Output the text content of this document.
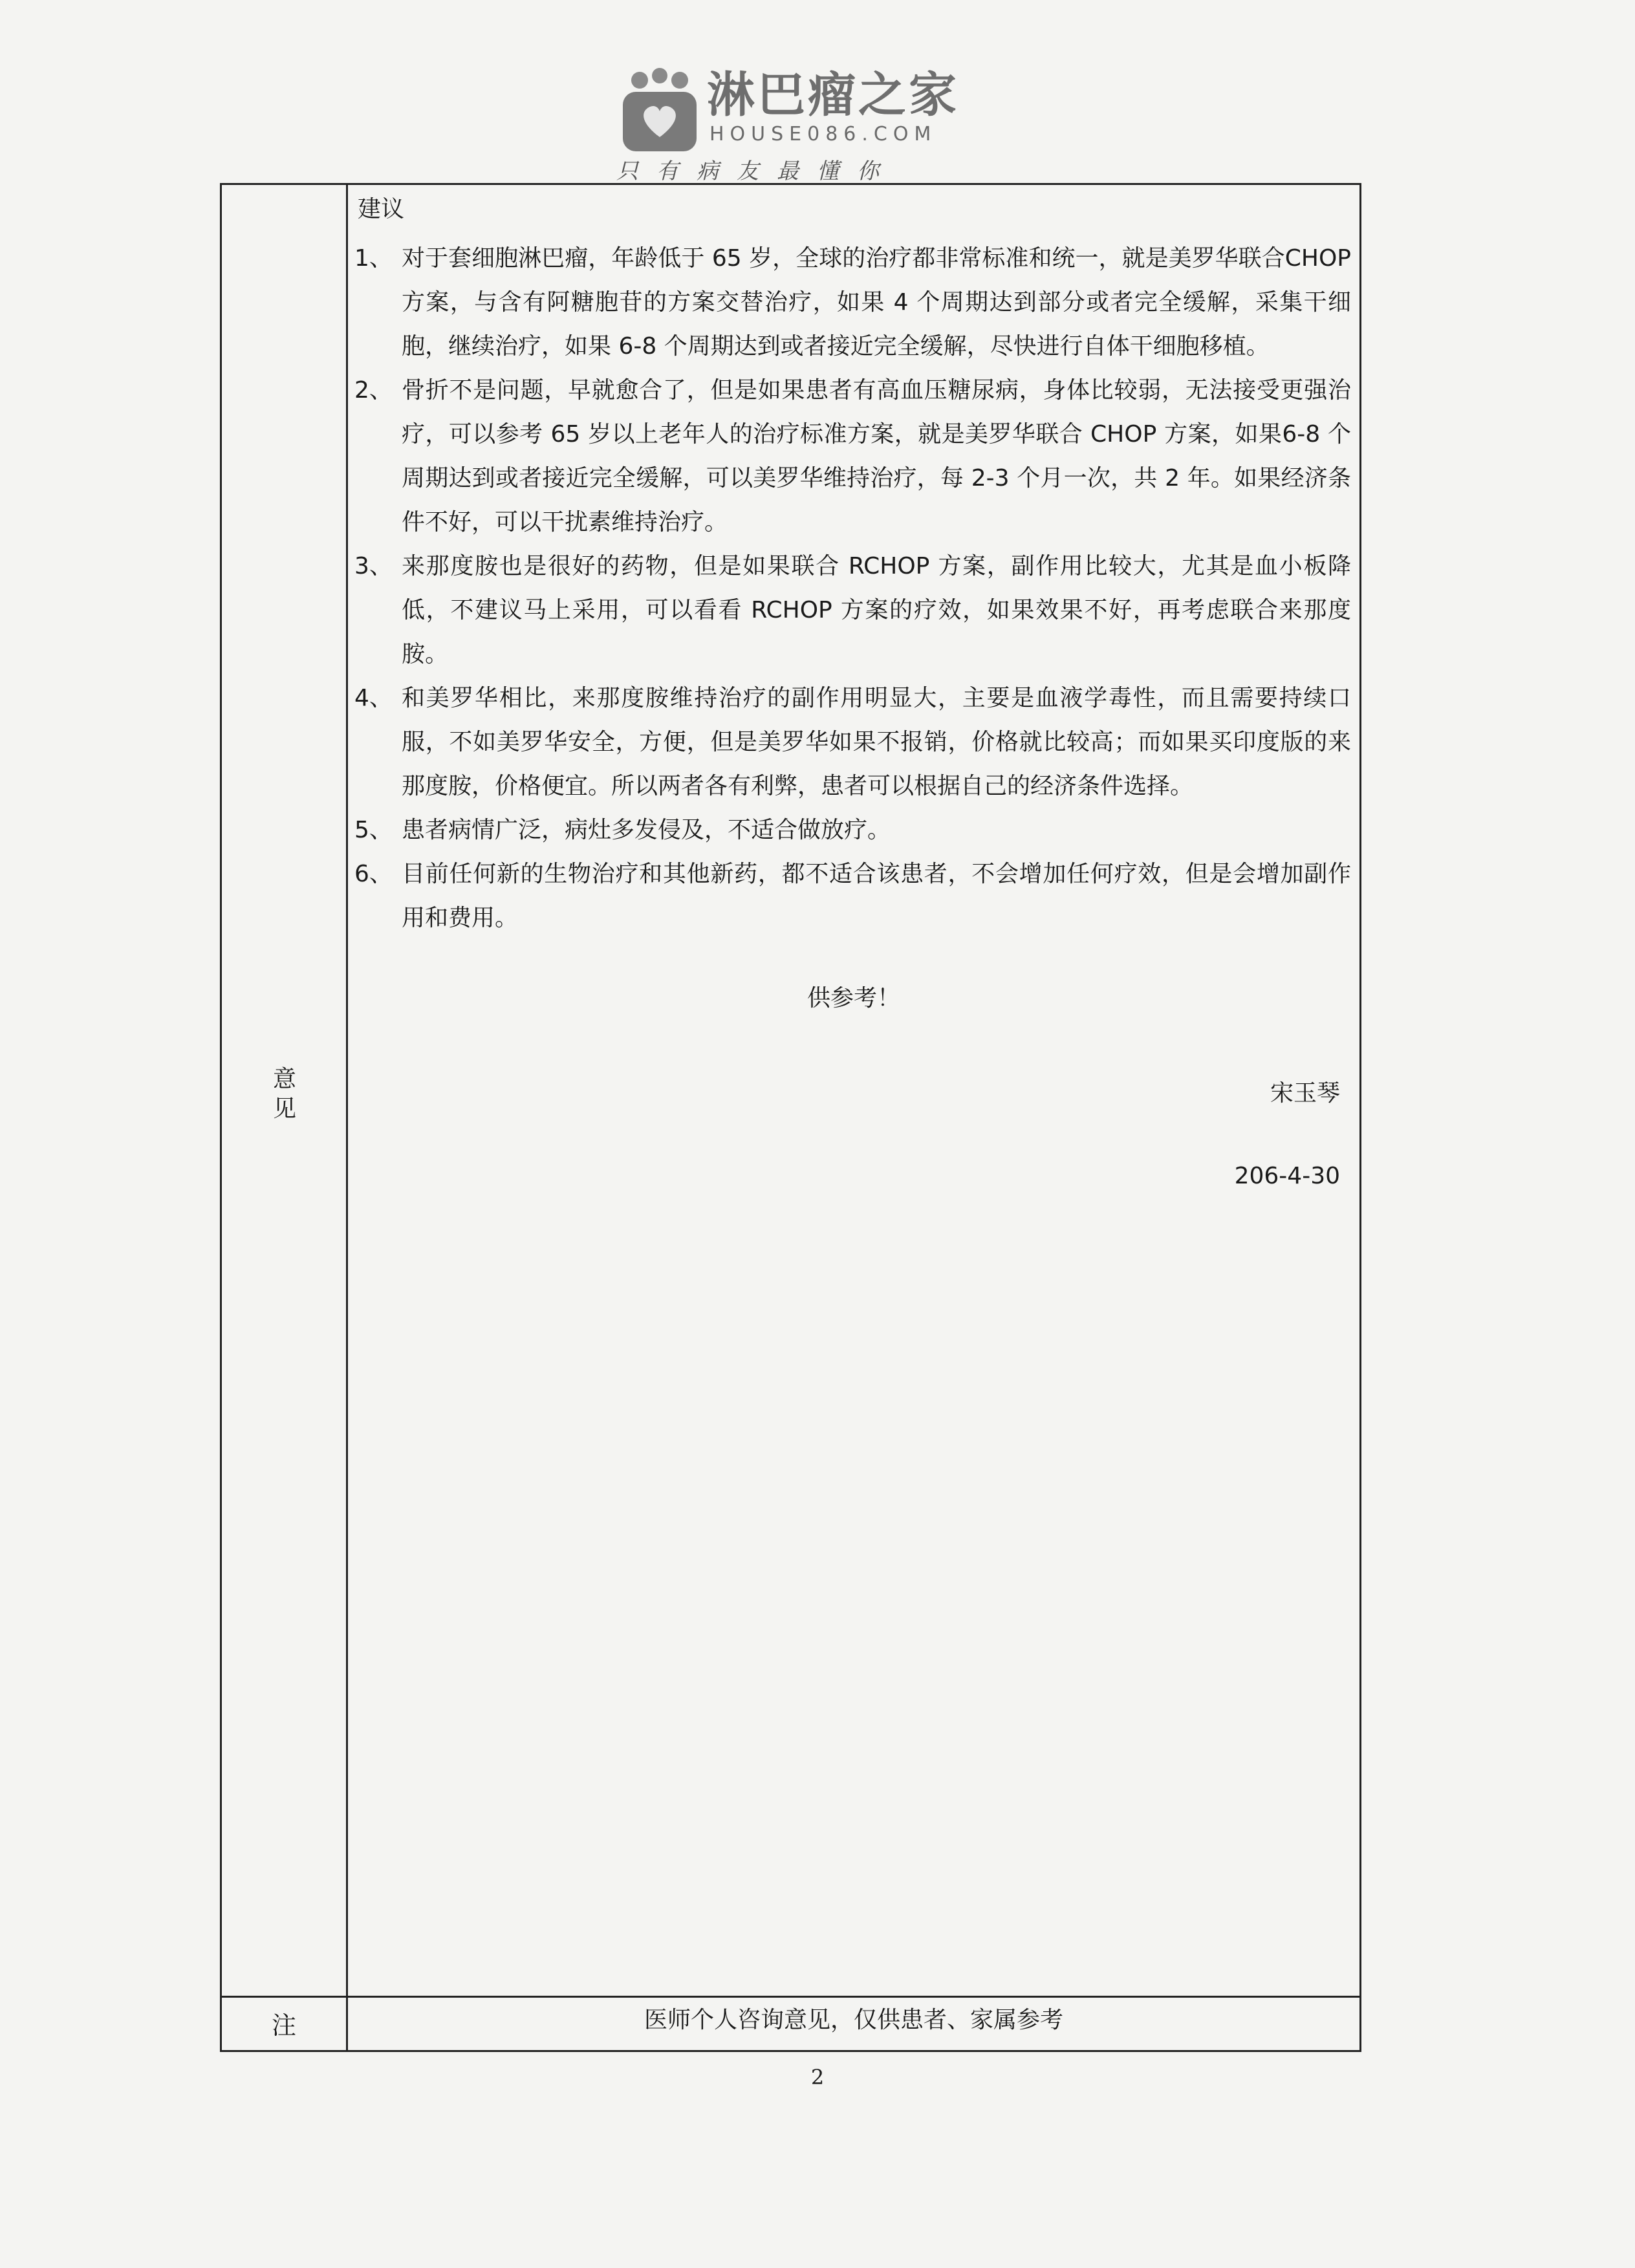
淋巴瘤之家
HOUSE086.COM
只有病友最懂你
意见
建议
1、 对于套细胞淋巴瘤，年龄低于 65 岁，全球的治疗都非常标准和统一，就是美罗华联合CHOP 方案，与含有阿糖胞苷的方案交替治疗，如果 4 个周期达到部分或者完全缓解，采集干细胞，继续治疗，如果 6-8 个周期达到或者接近完全缓解，尽快进行自体干细胞移植。
2、 骨折不是问题，早就愈合了，但是如果患者有高血压糖尿病，身体比较弱，无法接受更强治疗，可以参考 65 岁以上老年人的治疗标准方案，就是美罗华联合 CHOP 方案，如果6-8 个周期达到或者接近完全缓解，可以美罗华维持治疗，每 2-3 个月一次，共 2 年。如果经济条件不好，可以干扰素维持治疗。
3、 来那度胺也是很好的药物，但是如果联合 RCHOP 方案，副作用比较大，尤其是血小板降低，不建议马上采用，可以看看 RCHOP 方案的疗效，如果效果不好，再考虑联合来那度胺。
4、 和美罗华相比，来那度胺维持治疗的副作用明显大，主要是血液学毒性，而且需要持续口服，不如美罗华安全，方便，但是美罗华如果不报销，价格就比较高；而如果买印度版的来那度胺，价格便宜。所以两者各有利弊，患者可以根据自己的经济条件选择。
5、 患者病情广泛，病灶多发侵及，不适合做放疗。
6、 目前任何新的生物治疗和其他新药，都不适合该患者，不会增加任何疗效，但是会增加副作用和费用。
供参考！
宋玉琴
206-4-30
注	医师个人咨询意见，仅供患者、家属参考
2
